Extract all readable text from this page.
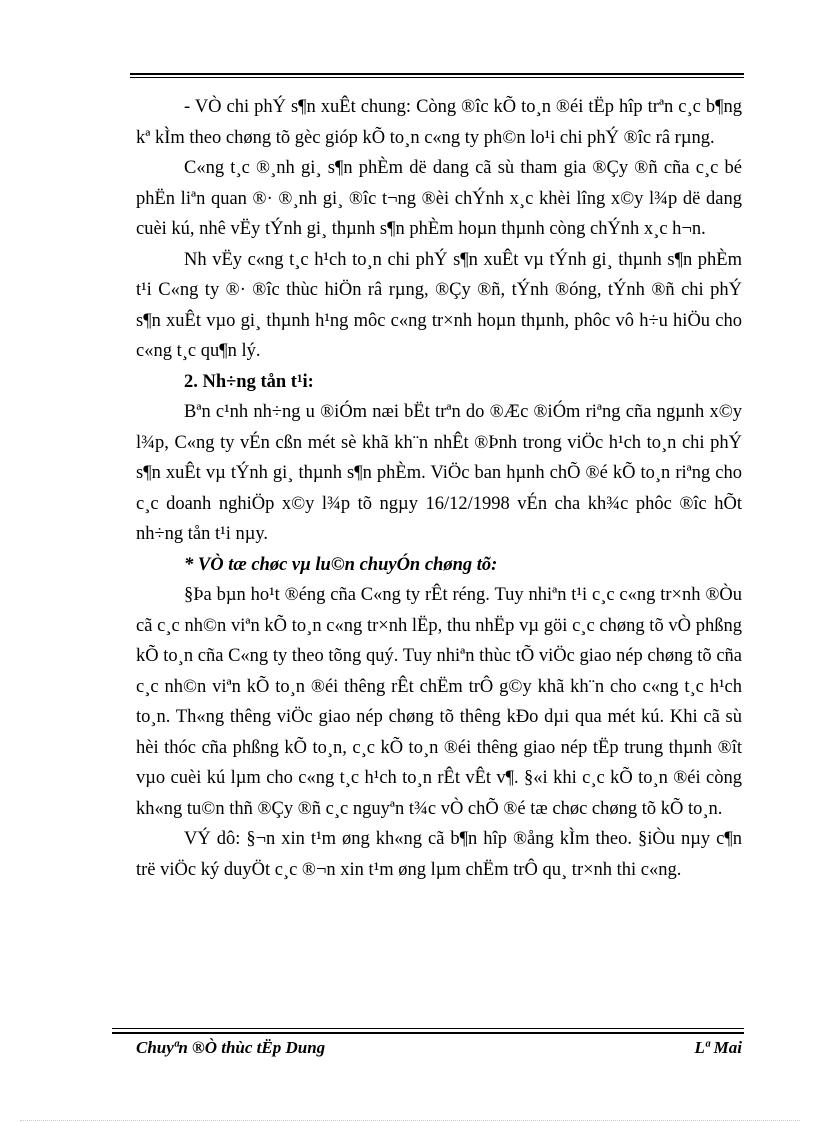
- VÒ chi phÝ s¶n xuÊt chung: Còng ®îc kÕ to¸n ®éi tËp hîp trªn c¸c b¶ng kª kÌm theo chøng tõ gèc gióp kÕ to¸n c«ng ty ph©n lo¹i chi phÝ ®îc râ rµng.

C«ng t¸c ®¸nh gi¸ s¶n phÈm dë dang cã sù tham gia ®Çy ®ñ cña c¸c bé phËn liªn quan ®· ®¸nh gi¸ ®îc t¬ng ®èi chÝnh x¸c khèi lîng x©y l¾p dë dang cuèi kú, nhê vËy tÝnh gi¸ thµnh s¶n phÈm hoµn thµnh còng chÝnh x¸c h¬n.

Nh vËy c«ng t¸c h¹ch to¸n chi phÝ s¶n xuÊt vµ tÝnh gi¸ thµnh s¶n phÈm t¹i C«ng ty ®· ®îc thùc hiÖn râ rµng, ®Çy ®ñ, tÝnh ®óng, tÝnh ®ñ chi phÝ s¶n xuÊt vµo gi¸ thµnh h¹ng môc c«ng tr×nh hoµn thµnh, phôc vô h÷u hiÖu cho c«ng t¸c qu¶n lý.

2. Nh÷ng tån t¹i:

Bªn c¹nh nh÷ng u ®iÓm næi bËt trªn do ®Æc ®iÓm riªng cña ngµnh x©y l¾p, C«ng ty vÉn cßn mét sè khã kh¨n nhÊt ®Þnh trong viÖc h¹ch to¸n chi phÝ s¶n xuÊt vµ tÝnh gi¸ thµnh s¶n phÈm. ViÖc ban hµnh chÕ ®é kÕ to¸n riªng cho c¸c doanh nghiÖp x©y l¾p tõ ngµy 16/12/1998 vÉn cha kh¾c phôc ®îc hÕt nh÷ng tån t¹i nµy.

* VÒ tæ chøc vµ lu©n chuyÓn chøng tõ:

§Þa bµn ho¹t ®éng cña C«ng ty rÊt réng. Tuy nhiªn t¹i c¸c c«ng tr×nh ®Òu cã c¸c nh©n viªn kÕ to¸n c«ng tr×nh lËp, thu nhËp vµ göi c¸c chøng tõ vÒ phßng kÕ to¸n cña C«ng ty theo tõng quý. Tuy nhiªn thùc tÕ viÖc giao nép chøng tõ cña c¸c nh©n viªn kÕ to¸n ®éi thêng rÊt chËm trÔ g©y khã kh¨n cho c«ng t¸c h¹ch to¸n. Th«ng thêng viÖc giao nép chøng tõ thêng kÐo dµi qua mét kú. Khi cã sù hèi thóc cña phßng kÕ to¸n, c¸c kÕ to¸n ®éi thêng giao nép tËp trung thµnh ®ît vµo cuèi kú lµm cho c«ng t¸c h¹ch to¸n rÊt vÊt v¶. §«i khi c¸c kÕ to¸n ®éi còng kh«ng tu©n thñ ®Çy ®ñ c¸c nguyªn t¾c vÒ chÕ ®é tæ chøc chøng tõ kÕ to¸n.

VÝ dô: §¬n xin t¹m øng kh«ng cã b¶n hîp ®ång kÌm theo. §iÒu nµy c¶n trë viÖc ký duyÖt c¸c ®¬n xin t¹m øng lµm chËm trÔ qu¸ tr×nh thi c«ng.

Chuyªn ®Ò thùc tËp Dung	Lª Mai
